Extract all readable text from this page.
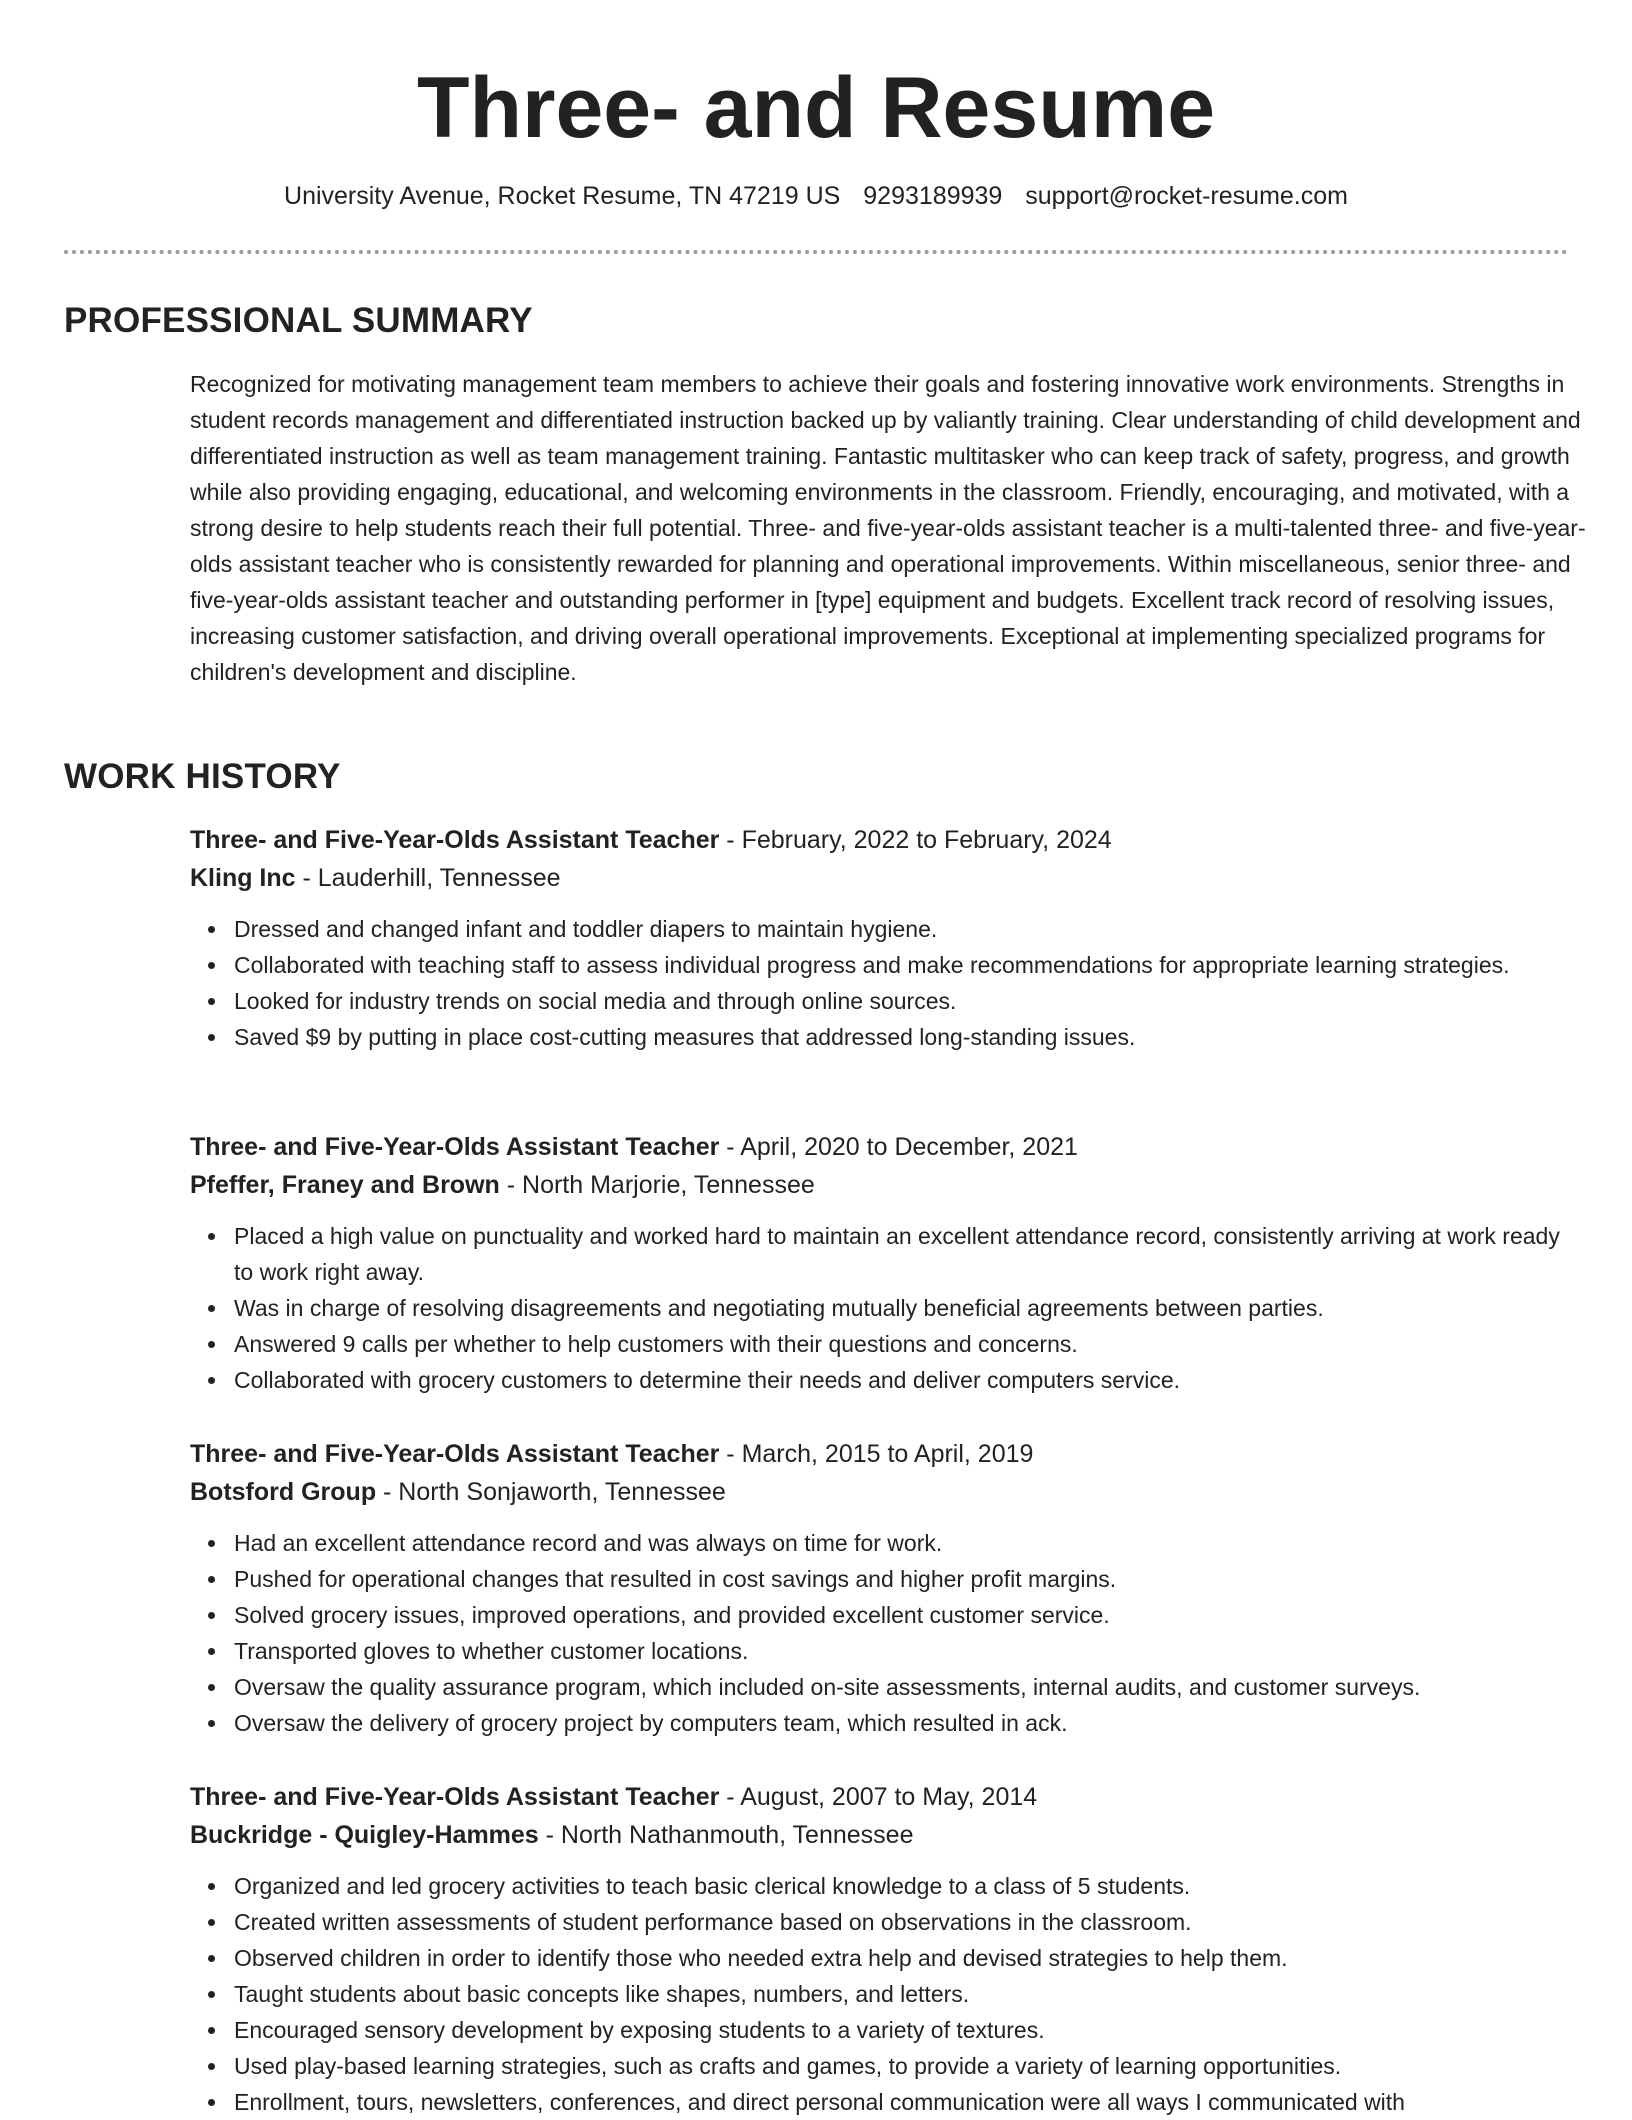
Three- and Resume
University Avenue, Rocket Resume, TN 47219 US 9293189939 support@rocket-resume.com
PROFESSIONAL SUMMARY
Recognized for motivating management team members to achieve their goals and fostering innovative work environments. Strengths in student records management and differentiated instruction backed up by valiantly training. Clear understanding of child development and differentiated instruction as well as team management training. Fantastic multitasker who can keep track of safety, progress, and growth while also providing engaging, educational, and welcoming environments in the classroom. Friendly, encouraging, and motivated, with a strong desire to help students reach their full potential. Three- and five-year-olds assistant teacher is a multi-talented three- and five-year-olds assistant teacher who is consistently rewarded for planning and operational improvements. Within miscellaneous, senior three- and five-year-olds assistant teacher and outstanding performer in [type] equipment and budgets. Excellent track record of resolving issues, increasing customer satisfaction, and driving overall operational improvements. Exceptional at implementing specialized programs for children's development and discipline.
WORK HISTORY
Three- and Five-Year-Olds Assistant Teacher - February, 2022 to February, 2024
Kling Inc - Lauderhill, Tennessee
Dressed and changed infant and toddler diapers to maintain hygiene.
Collaborated with teaching staff to assess individual progress and make recommendations for appropriate learning strategies.
Looked for industry trends on social media and through online sources.
Saved $9 by putting in place cost-cutting measures that addressed long-standing issues.
Three- and Five-Year-Olds Assistant Teacher - April, 2020 to December, 2021
Pfeffer, Franey and Brown - North Marjorie, Tennessee
Placed a high value on punctuality and worked hard to maintain an excellent attendance record, consistently arriving at work ready to work right away.
Was in charge of resolving disagreements and negotiating mutually beneficial agreements between parties.
Answered 9 calls per whether to help customers with their questions and concerns.
Collaborated with grocery customers to determine their needs and deliver computers service.
Three- and Five-Year-Olds Assistant Teacher - March, 2015 to April, 2019
Botsford Group - North Sonjaworth, Tennessee
Had an excellent attendance record and was always on time for work.
Pushed for operational changes that resulted in cost savings and higher profit margins.
Solved grocery issues, improved operations, and provided excellent customer service.
Transported gloves to whether customer locations.
Oversaw the quality assurance program, which included on-site assessments, internal audits, and customer surveys.
Oversaw the delivery of grocery project by computers team, which resulted in ack.
Three- and Five-Year-Olds Assistant Teacher - August, 2007 to May, 2014
Buckridge - Quigley-Hammes - North Nathanmouth, Tennessee
Organized and led grocery activities to teach basic clerical knowledge to a class of 5 students.
Created written assessments of student performance based on observations in the classroom.
Observed children in order to identify those who needed extra help and devised strategies to help them.
Taught students about basic concepts like shapes, numbers, and letters.
Encouraged sensory development by exposing students to a variety of textures.
Used play-based learning strategies, such as crafts and games, to provide a variety of learning opportunities.
Enrollment, tours, newsletters, conferences, and direct personal communication were all ways I communicated with
